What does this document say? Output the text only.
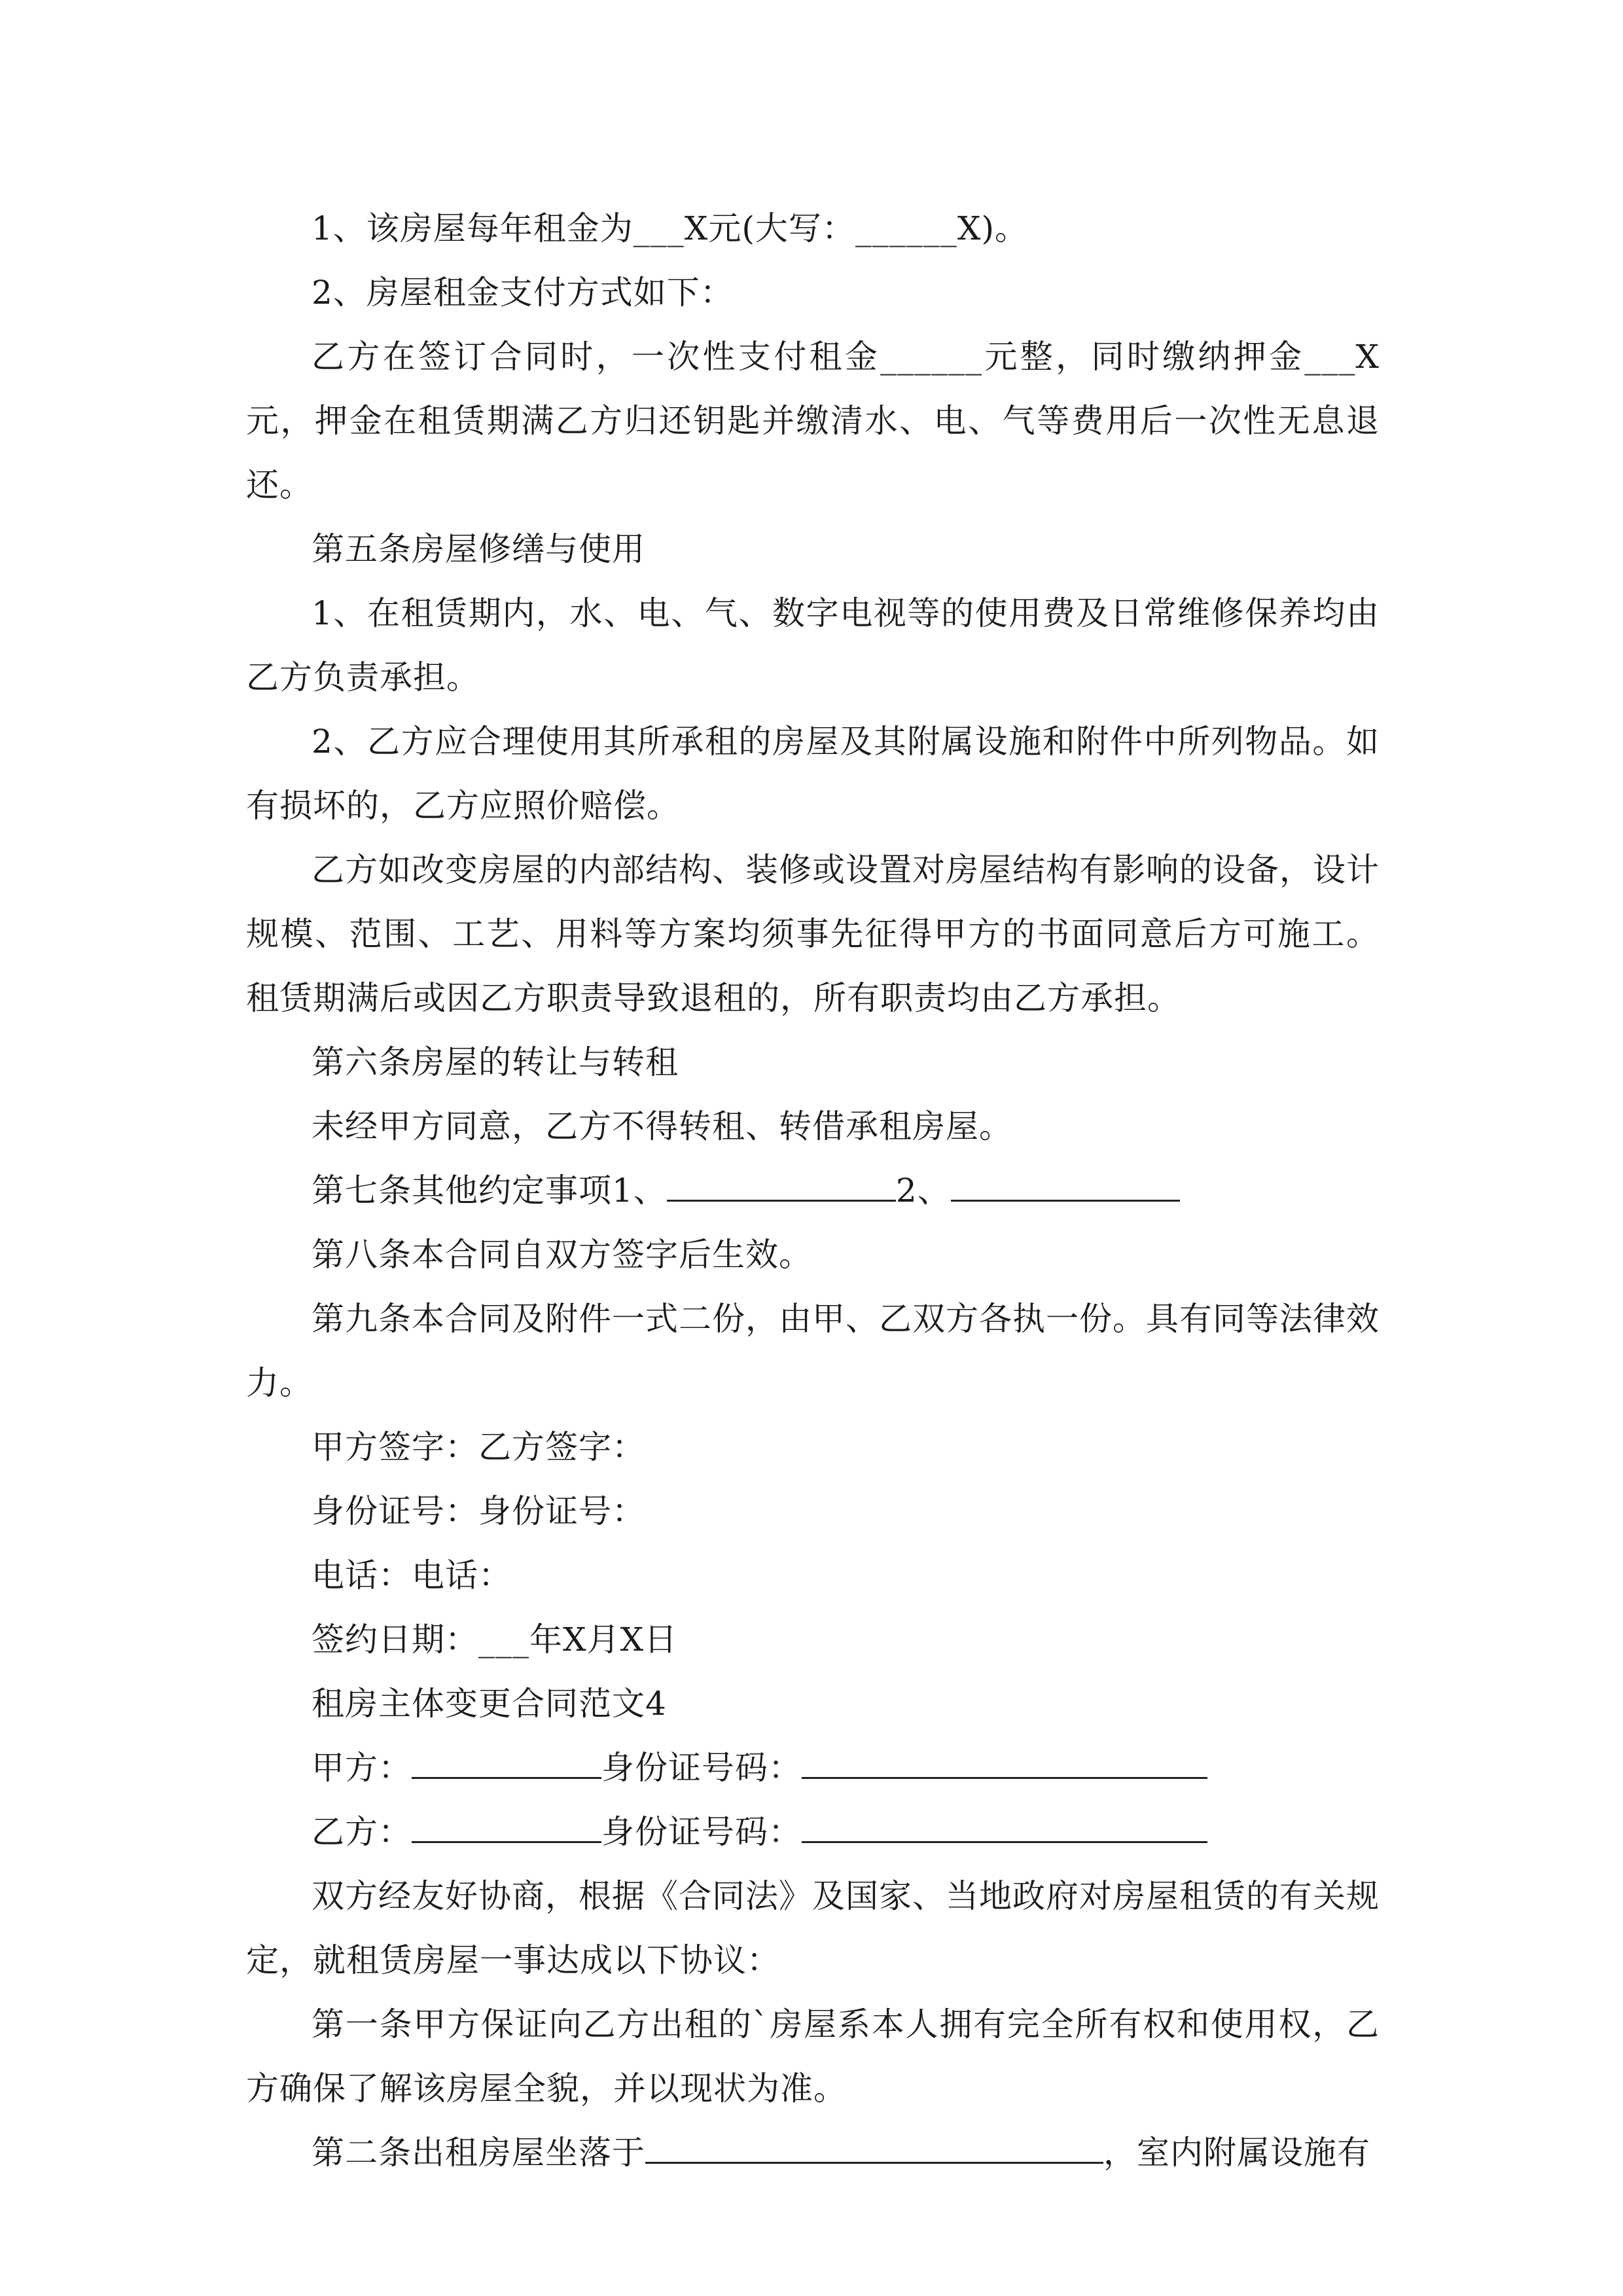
1、该房屋每年租金为___X元(大写：______X)。

2、房屋租金支付方式如下：

乙方在签订合同时，一次性支付租金______元整，同时缴纳押金___X元，押金在租赁期满乙方归还钥匙并缴清水、电、气等费用后一次性无息退还。

第五条房屋修缮与使用

1、在租赁期内，水、电、气、数字电视等的使用费及日常维修保养均由乙方负责承担。

2、乙方应合理使用其所承租的房屋及其附属设施和附件中所列物品。如有损坏的，乙方应照价赔偿。

乙方如改变房屋的内部结构、装修或设置对房屋结构有影响的设备，设计规模、范围、工艺、用料等方案均须事先征得甲方的书面同意后方可施工。租赁期满后或因乙方职责导致退租的，所有职责均由乙方承担。

第六条房屋的转让与转租

未经甲方同意，乙方不得转租、转借承租房屋。

第七条其他约定事项1、	2、

第八条本合同自双方签字后生效。

第九条本合同及附件一式二份，由甲、乙双方各执一份。具有同等法律效力。

甲方签字：乙方签字：

身份证号：身份证号：

电话：电话：

签约日期：___年X月X日

租房主体变更合同范文4

甲方：	身份证号码：

乙方：	身份证号码：

双方经友好协商，根据《合同法》及国家、当地政府对房屋租赁的有关规定，就租赁房屋一事达成以下协议：

第一条甲方保证向乙方出租的`房屋系本人拥有完全所有权和使用权，乙方确保了解该房屋全貌，并以现状为准。

第二条出租房屋坐落于	，室内附属设施有
